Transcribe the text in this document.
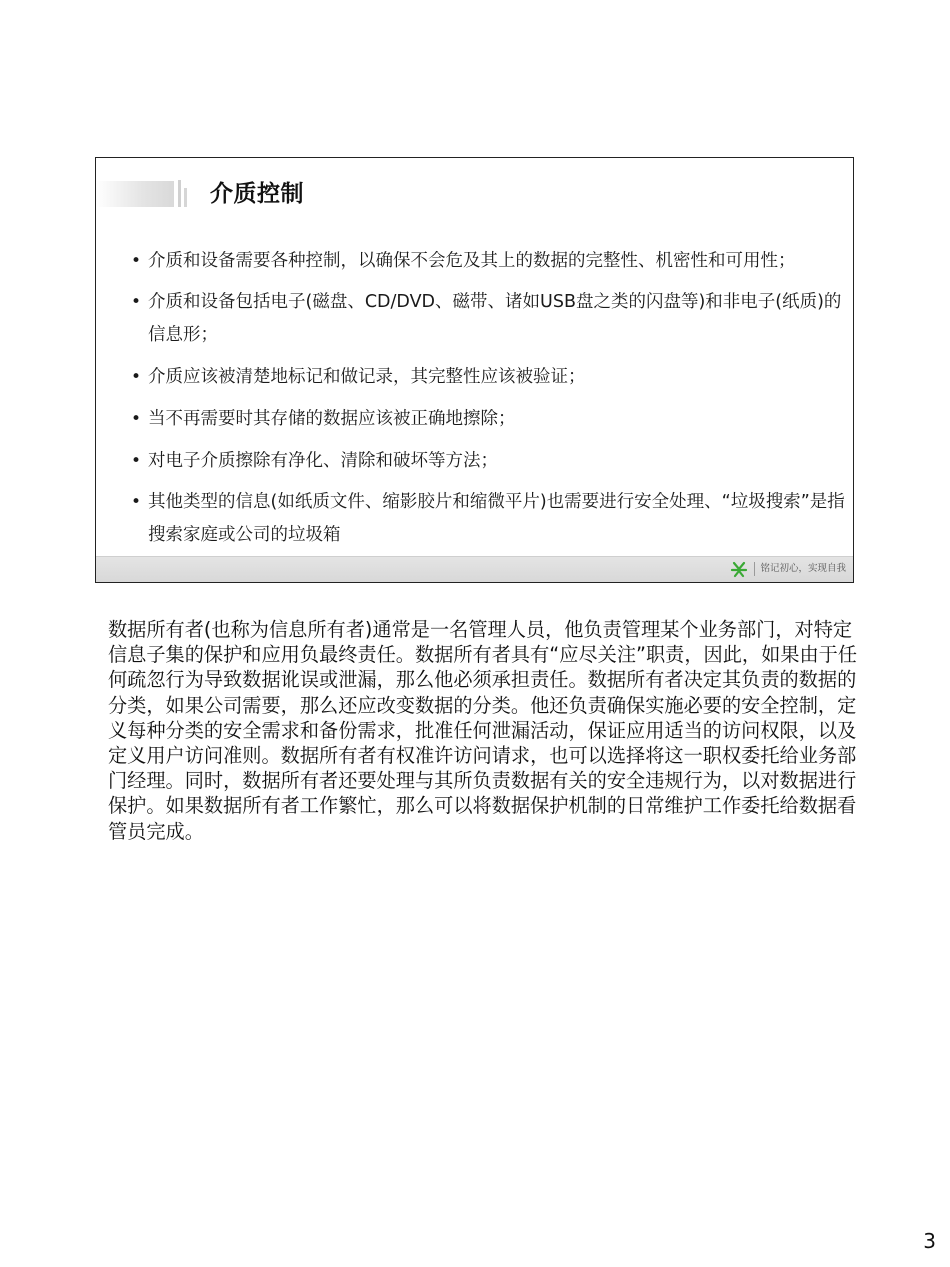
介质控制
• 介质和设备需要各种控制，以确保不会危及其上的数据的完整性、机密性和可用性；
• 介质和设备包括电子(磁盘、CD/DVD、磁带、诸如USB盘之类的闪盘等)和非电子(纸质)的信息形；
• 介质应该被清楚地标记和做记录，其完整性应该被验证；
• 当不再需要时其存储的数据应该被正确地擦除；
• 对电子介质擦除有净化、清除和破坏等方法；
• 其他类型的信息(如纸质文件、缩影胶片和缩微平片)也需要进行安全处理、“垃圾搜索”是指搜索家庭或公司的垃圾箱
铭记初心，实现自我

数据所有者(也称为信息所有者)通常是一名管理人员，他负责管理某个业务部门，对特定信息子集的保护和应用负最终责任。数据所有者具有“应尽关注”职责，因此，如果由于任何疏忽行为导致数据讹误或泄漏，那么他必须承担责任。数据所有者决定其负责的数据的分类，如果公司需要，那么还应改变数据的分类。他还负责确保实施必要的安全控制，定义每种分类的安全需求和备份需求，批准任何泄漏活动，保证应用适当的访问权限，以及定义用户访问准则。数据所有者有权准许访问请求，也可以选择将这一职权委托给业务部门经理。同时，数据所有者还要处理与其所负责数据有关的安全违规行为，以对数据进行保护。如果数据所有者工作繁忙，那么可以将数据保护机制的日常维护工作委托给数据看管员完成。

3
